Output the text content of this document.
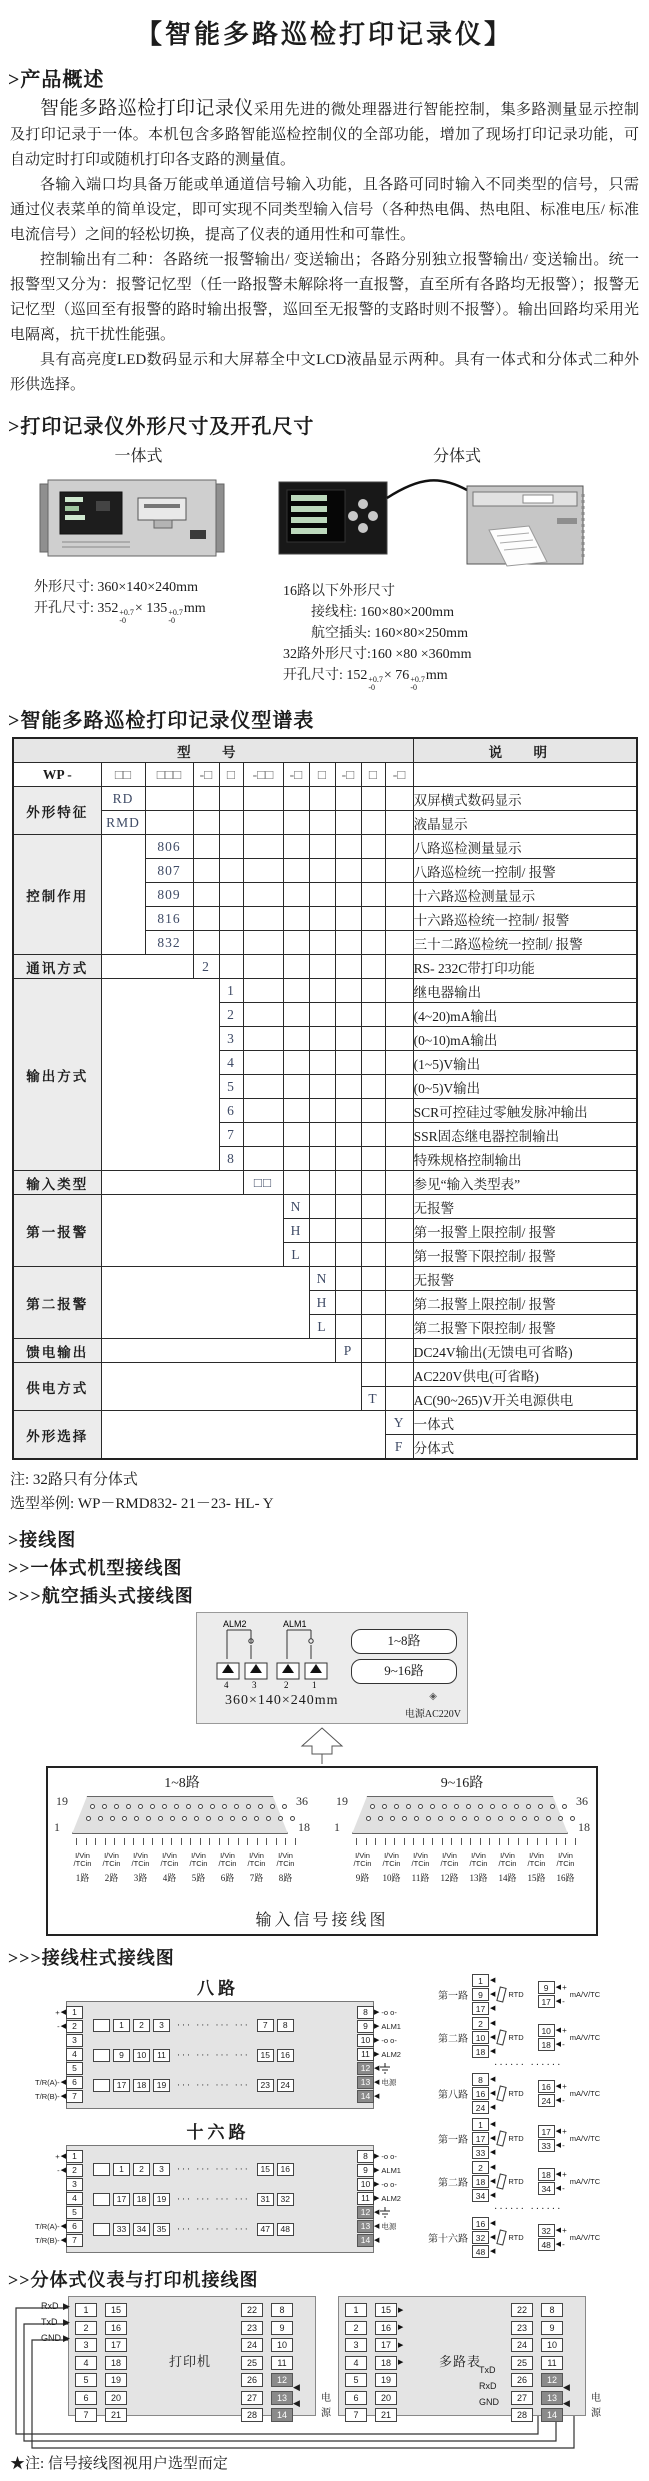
【智能多路巡检打印记录仪】
>产品概述

智能多路巡检打印记录仪采用先进的微处理器进行智能控制，集多路测量显示控制及打印记录于一体。本机包含多路智能巡检控制仪的全部功能，增加了现场打印记录功能，可自动定时打印或随机打印各支路的测量值。

各输入端口均具备万能或单通道信号输入功能，且各路可同时输入不同类型的信号，只需通过仪表菜单的简单设定，即可实现不同类型输入信号（各种热电偶、热电阻、标准电压/ 标准电流信号）之间的轻松切换，提高了仪表的通用性和可靠性。

控制输出有二种：各路统一报警输出/ 变送输出；各路分别独立报警输出/ 变送输出。统一报警型又分为：报警记忆型（任一路报警未解除将一直报警，直至所有各路均无报警）；报警无记忆型（巡回至有报警的路时输出报警，巡回至无报警的支路时则不报警）。输出回路均采用光电隔离，抗干扰性能强。

具有高亮度LED数码显示和大屏幕全中文LCD液晶显示两种。具有一体式和分体式二种外形供选择。

>打印记录仪外形尺寸及开孔尺寸
一体式
外形尺寸: 360×140×240mm
开孔尺寸: 352 +0.7
-0
× 135 +0.7
-0
mm
分体式
16路以下外形尺寸
接线柱: 160×80×200mm
航空插头: 160×80×250mm
32路外形尺寸:160 ×80 ×360mm
开孔尺寸: 152 +0.7
-0
× 76 +0.7
-0
mm
>智能多路巡检打印记录仪型谱表
型 号											说 明
WP -	□□	□□□	-□	□	-□□	-□	□	-□	□	-□	
外形特征	RD										双屏横式数码显示
	RMD										液晶显示
控制作用		806									八路巡检测量显示
		807									八路巡检统一控制/ 报警
		809									十六路巡检测量显示
		816									十六路巡检统一控制/ 报警
		832									三十二路巡检统一控制/ 报警
通讯方式			2								RS- 232C带打印功能
输出方式				1							继电器输出
				2							(4~20)mA输出
				3							(0~10)mA输出
				4							(1~5)V输出
				5							(0~5)V输出
				6							SCR可控硅过零触发脉冲输出
				7							SSR固态继电器控制输出
				8							特殊规格控制输出
输入类型					□□						参见“输入类型表”
第一报警						N					无报警
						H					第一报警上限控制/ 报警
						L					第一报警下限控制/ 报警
第二报警							N				无报警
							H				第二报警上限控制/ 报警
							L				第二报警下限控制/ 报警
馈电输出								P			DC24V输出(无馈电可省略)
供电方式											AC220V供电(可省略)
									T		AC(90~265)V开关电源供电
外形选择										Y	一体式
										F	分体式
注: 32路只有分体式
选型举例: WP－RMD832- 21－23- HL- Y
>接线图
>>一体式机型接线图
>>>航空插头式接线图
ALM2	ALM1
4	3	2	1
1~8路
9~16路
360×140×240mm	◈
电源AC220V
1~8路
19	36
1	18
I/Vin
/TCin
I/Vin
/TCin
I/Vin
/TCin
I/Vin
/TCin
I/Vin
/TCin
I/Vin
/TCin
I/Vin
/TCin
I/Vin
/TCin
1路	2路	3路	4路	5路	6路	7路	8路
9~16路
19	36
1	18
I/Vin
/TCin
I/Vin
/TCin
I/Vin
/TCin
I/Vin
/TCin
I/Vin
/TCin
I/Vin
/TCin
I/Vin
/TCin
I/Vin
/TCin
9路	10路	11路	12路	13路	14路	15路	16路
输入信号接线图
>>>接线柱式接线图
八路
+ ◀ 1
- ◀ 2
3
4
5
T/R(A)- ◀ 6
T/R(B)- ◀ 7
1	2	3	··· ··· ··· ···	7	8
9	10	11	··· ··· ··· ···	15	16
17	18	19	··· ··· ··· ···	23	24
8 ▶ -o o-
9 ▶ ALM1
10 ▶ -o o-
11 ▶ ALM2
12 ◀
13 ◀ 电源
14 ◀
第一路
1	◀
9	◀
17 ◀
RTD
9	◀ +
17 ◀ -
mA/V/TC
第二路
2	◀
10 ◀
18 ◀
RTD
10 ◀ +
18 ◀ -
mA/V/TC
······ ······
第八路
8	◀
16 ◀
24 ◀
RTD
16 ◀ +
24 ◀ -
mA/V/TC
十六路
+ ◀ 1
- ◀ 2
3
4
5
T/R(A)- ◀ 6
T/R(B)- ◀ 7
1	2	3	··· ··· ··· ···	15	16
17	18	19	··· ··· ··· ···	31	32
33	34	35	··· ··· ··· ···	47	48
8 ▶ -o o-
9 ▶ ALM1
10 ▶ -o o-
11 ▶ ALM2
12 ◀
13 ◀ 电源
14 ◀
第一路
1	◀
17 ◀
33 ◀
RTD
17 ◀ +
33 ◀ -
mA/V/TC
第二路
2	◀
18 ◀
34 ◀
RTD
18 ◀ +
34 ◀ -
mA/V/TC
······ ······
第十六路
16 ◀
32 ◀
48 ◀
RTD
32 ◀ +
48 ◀ -
mA/V/TC
>>分体式仪表与打印机接线图
1
2
3
4
5
6
7
15
16
17
18
19
20
21
22
23
24
25
26
27
28
8
9
10
11
12
13
14
打印机
RxD ▶
TxD ▶
GND ▶
电源
◀
◀
1
2
3
4
5
6
7
15	▶
16	▶
17	▶
18	▶
19
20
21
22
23
24
25
26
27
28
8
9
10
11
12
13
14
多路表
TxD
RxD
GND	电源
◀
◀
★注: 信号接线图视用户选型而定
